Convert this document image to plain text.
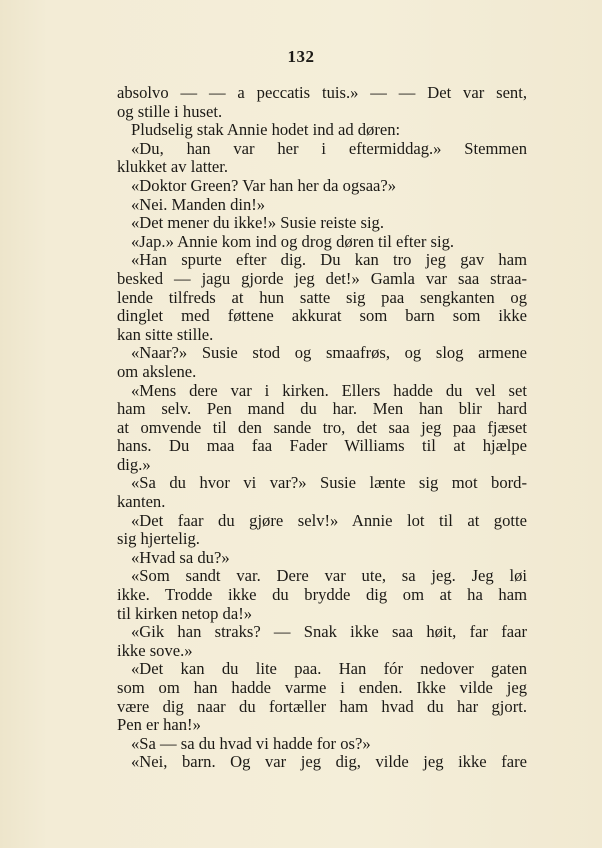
132
absolvo — — a peccatis tuis.» — — Det var sent,
og stille i huset.
Pludselig stak Annie hodet ind ad døren:
«Du, han var her i eftermiddag.» Stemmen
klukket av latter.
«Doktor Green? Var han her da ogsaa?»
«Nei. Manden din!»
«Det mener du ikke!» Susie reiste sig.
«Jap.» Annie kom ind og drog døren til efter sig.
«Han spurte efter dig. Du kan tro jeg gav ham
besked — jagu gjorde jeg det!» Gamla var saa straa-
lende tilfreds at hun satte sig paa sengkanten og
dinglet med føttene akkurat som barn som ikke
kan sitte stille.
«Naar?» Susie stod og smaafrøs, og slog armene
om akslene.
«Mens dere var i kirken. Ellers hadde du vel set
ham selv. Pen mand du har. Men han blir hard
at omvende til den sande tro, det saa jeg paa fjæset
hans. Du maa faa Fader Williams til at hjælpe
dig.»
«Sa du hvor vi var?» Susie lænte sig mot bord-
kanten.
«Det faar du gjøre selv!» Annie lot til at gotte
sig hjertelig.
«Hvad sa du?»
«Som sandt var. Dere var ute, sa jeg. Jeg løi
ikke. Trodde ikke du brydde dig om at ha ham
til kirken netop da!»
«Gik han straks? — Snak ikke saa høit, far faar
ikke sove.»
«Det kan du lite paa. Han fór nedover gaten
som om han hadde varme i enden. Ikke vilde jeg
være dig naar du fortæller ham hvad du har gjort.
Pen er han!»
«Sa — sa du hvad vi hadde for os?»
«Nei, barn. Og var jeg dig, vilde jeg ikke fare
